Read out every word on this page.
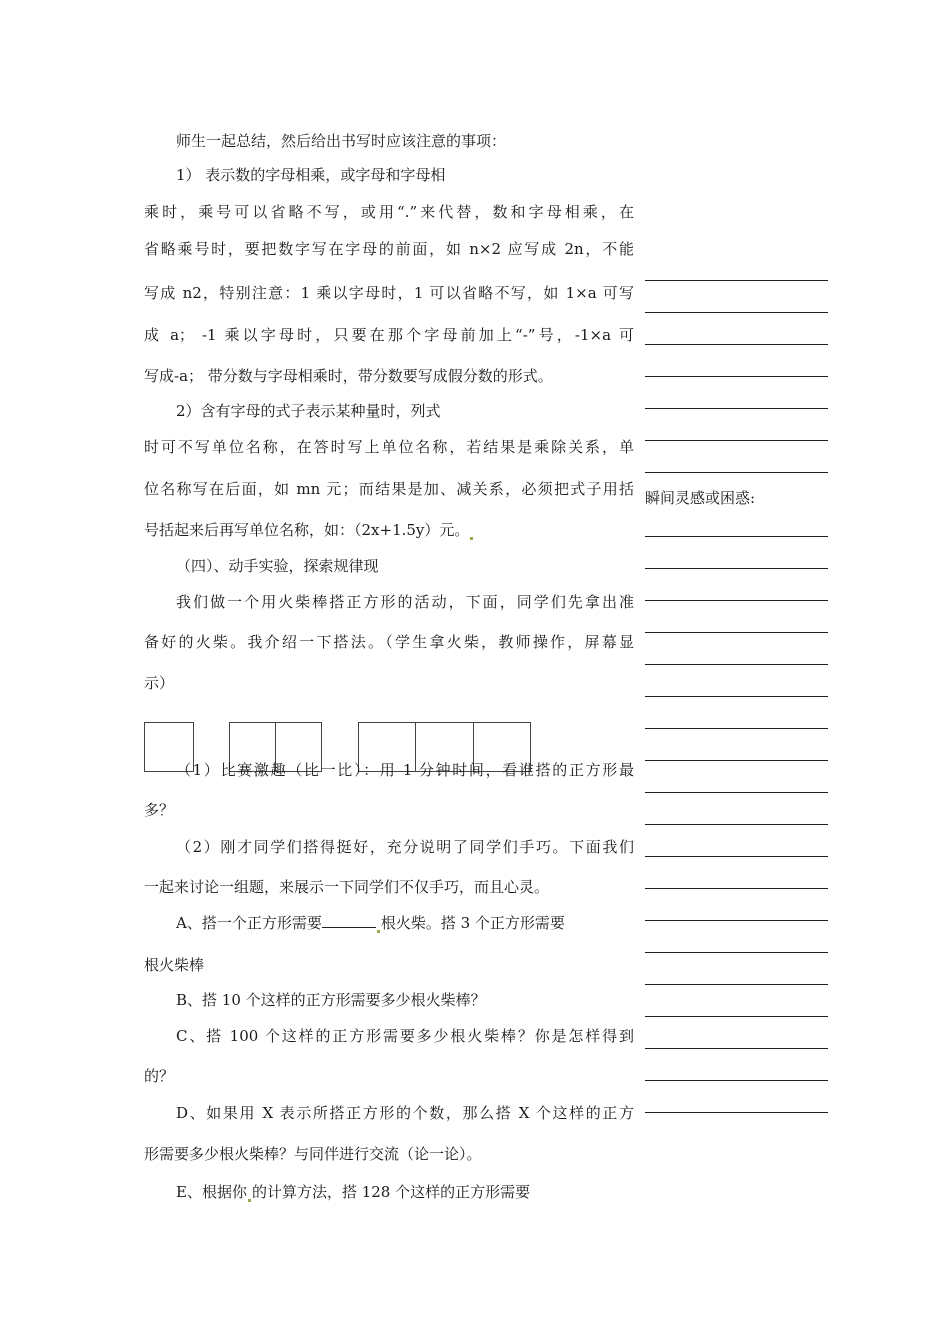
师生一起总结，然后给出书写时应该注意的事项：
1） 表示数的字母相乘，或字母和字母相
乘时，乘号可以省略不写，或用“.”来代替，数和字母相乘，在
省略乘号时，要把数字写在字母的前面，如 n×2 应写成 2n，不能
写成 n2，特别注意：1 乘以字母时，1 可以省略不写，如 1×a 可写
成 a； -1 乘以字母时，只要在那个字母前加上“-”号，-1×a 可
写成-a； 带分数与字母相乘时，带分数要写成假分数的形式。
2）含有字母的式子表示某种量时，列式
时可不写单位名称，在答时写上单位名称，若结果是乘除关系，单
位名称写在后面，如 mn 元；而结果是加、减关系，必须把式子用括
号括起来后再写单位名称，如：（2x+1.5y）元。
（四）、动手实验，探索规律现
我们做一个用火柴棒搭正方形的活动，下面，同学们先拿出准
备好的火柴。我介绍一下搭法。（学生拿火柴，教师操作，屏幕显
示）
（1）比赛激趣（比一比）：用 1 分钟时间，看谁搭的正方形最
多？
（2）刚才同学们搭得挺好，充分说明了同学们手巧。下面我们
一起来讨论一组题，来展示一下同学们不仅手巧，而且心灵。
A、搭一个正方形需要	根火柴。搭 3 个正方形需要
根火柴棒
B、搭 10 个这样的正方形需要多少根火柴棒？
C、搭 100 个这样的正方形需要多少根火柴棒？你是怎样得到
的？
D、如果用 X 表示所搭正方形的个数，那么搭 X 个这样的正方
形需要多少根火柴棒？与同伴进行交流（论一论）。
E、根据你 的计算方法，搭 128 个这样的正方形需要
瞬间灵感或困惑:
